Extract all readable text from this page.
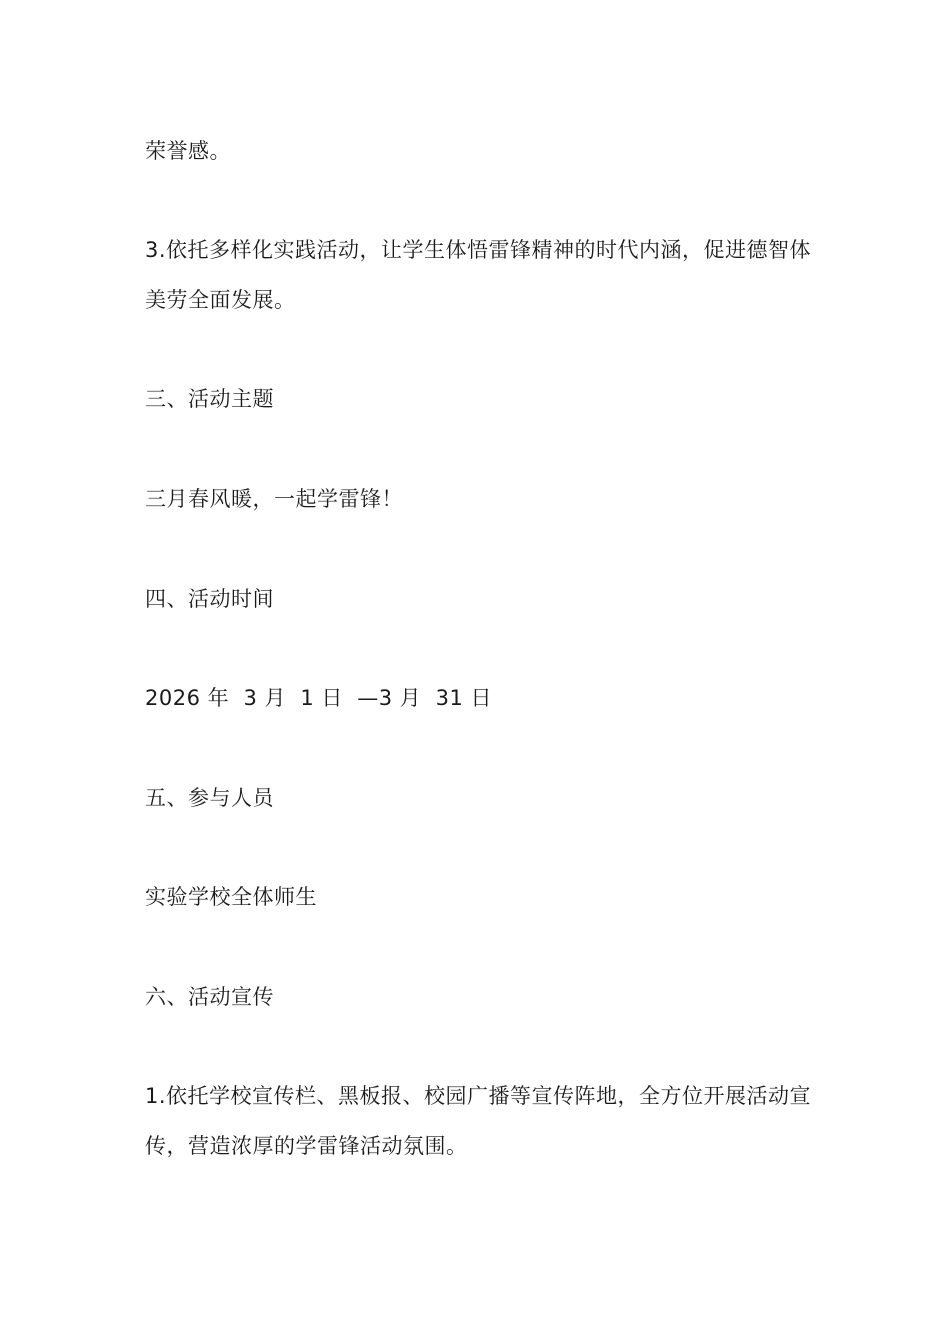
荣誉感。

3.依托多样化实践活动，让学生体悟雷锋精神的时代内涵，促进德智体美劳全面发展。

三、活动主题

三月春风暖，一起学雷锋！

四、活动时间

2026 年  3 月  1 日  —3 月  31 日

五、参与人员

实验学校全体师生

六、活动宣传

1.依托学校宣传栏、黑板报、校园广播等宣传阵地，全方位开展活动宣传，营造浓厚的学雷锋活动氛围。
